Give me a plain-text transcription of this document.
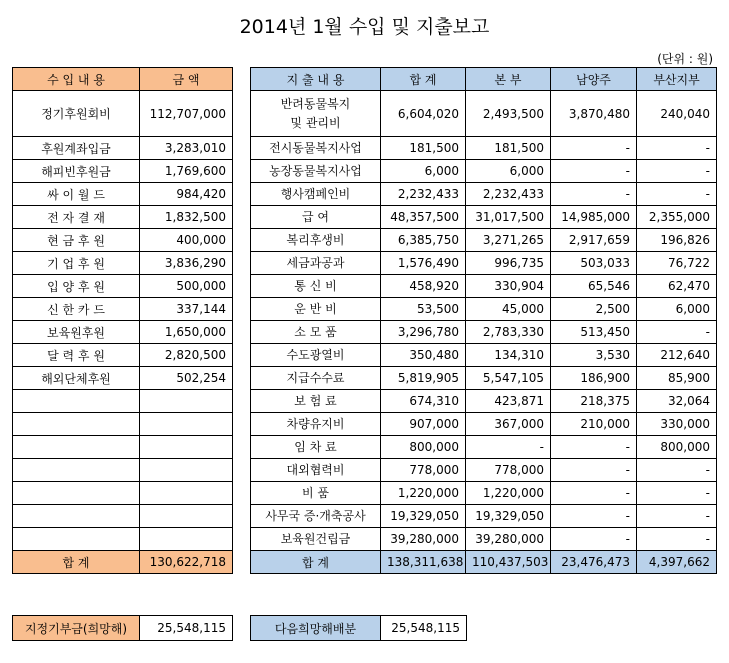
2014년 1월 수입 및 지출보고
(단위 : 원)
수 입 내 용	금 액
정기후원회비	112,707,000
후원계좌입금	3,283,010
해피빈후원금	1,769,600
싸 이 월 드	984,420
전 자 결 재	1,832,500
현 금 후 원	400,000
기 업 후 원	3,836,290
입 양 후 원	500,000
신 한 카 드	337,144
보육원후원	1,650,000
달 력 후 원	2,820,500
해외단체후원	502,254

합 계	130,622,718
지 출 내 용	합 계	본 부	남양주	부산지부
반려동물복지
및 관리비	6,604,020	2,493,500	3,870,480	240,040
전시동물복지사업	181,500	181,500	-	-
농장동물복지사업	6,000	6,000	-	-
행사캠페인비	2,232,433	2,232,433	-	-
급 여	48,357,500	31,017,500	14,985,000	2,355,000
복리후생비	6,385,750	3,271,265	2,917,659	196,826
세금과공과	1,576,490	996,735	503,033	76,722
통 신 비	458,920	330,904	65,546	62,470
운 반 비	53,500	45,000	2,500	6,000
소 모 품	3,296,780	2,783,330	513,450	-
수도광열비	350,480	134,310	3,530	212,640
지급수수료	5,819,905	5,547,105	186,900	85,900
보 험 료	674,310	423,871	218,375	32,064
차량유지비	907,000	367,000	210,000	330,000
임 차 료	800,000	-	-	800,000
대외협력비	778,000	778,000	-	-
비 품	1,220,000	1,220,000	-	-
사무국 증·개축공사	19,329,050	19,329,050	-	-
보육원건립금	39,280,000	39,280,000	-	-
합 계	138,311,638	110,437,503	23,476,473	4,397,662
지정기부금(희망해)	25,548,115	다음희망해배분	25,548,115
